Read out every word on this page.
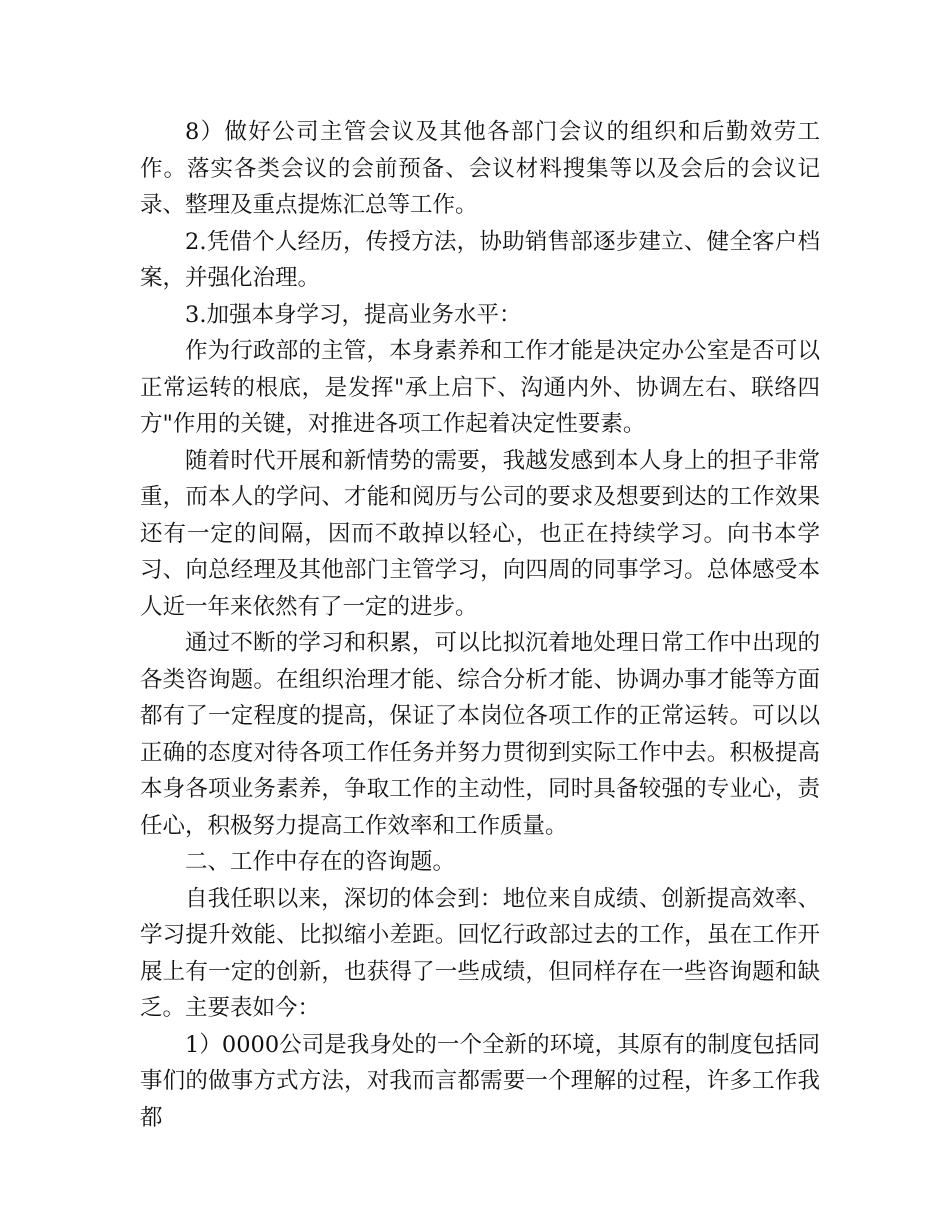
8）做好公司主管会议及其他各部门会议的组织和后勤效劳工作。落实各类会议的会前预备、会议材料搜集等以及会后的会议记录、整理及重点提炼汇总等工作。

2.凭借个人经历，传授方法，协助销售部逐步建立、健全客户档案，并强化治理。

3.加强本身学习，提高业务水平：

作为行政部的主管，本身素养和工作才能是决定办公室是否可以正常运转的根底，是发挥"承上启下、沟通内外、协调左右、联络四方"作用的关键，对推进各项工作起着决定性要素。

随着时代开展和新情势的需要，我越发感到本人身上的担子非常重，而本人的学问、才能和阅历与公司的要求及想要到达的工作效果还有一定的间隔，因而不敢掉以轻心，也正在持续学习。向书本学习、向总经理及其他部门主管学习，向四周的同事学习。总体感受本人近一年来依然有了一定的进步。

通过不断的学习和积累，可以比拟沉着地处理日常工作中出现的各类咨询题。在组织治理才能、综合分析才能、协调办事才能等方面都有了一定程度的提高，保证了本岗位各项工作的正常运转。可以以正确的态度对待各项工作任务并努力贯彻到实际工作中去。积极提高本身各项业务素养，争取工作的主动性，同时具备较强的专业心，责任心，积极努力提高工作效率和工作质量。

二、工作中存在的咨询题。

自我任职以来，深切的体会到：地位来自成绩、创新提高效率、学习提升效能、比拟缩小差距。回忆行政部过去的工作，虽在工作开展上有一定的创新，也获得了一些成绩，但同样存在一些咨询题和缺乏。主要表如今：

1）0000公司是我身处的一个全新的环境，其原有的制度包括同事们的做事方式方法，对我而言都需要一个理解的过程，许多工作我都
